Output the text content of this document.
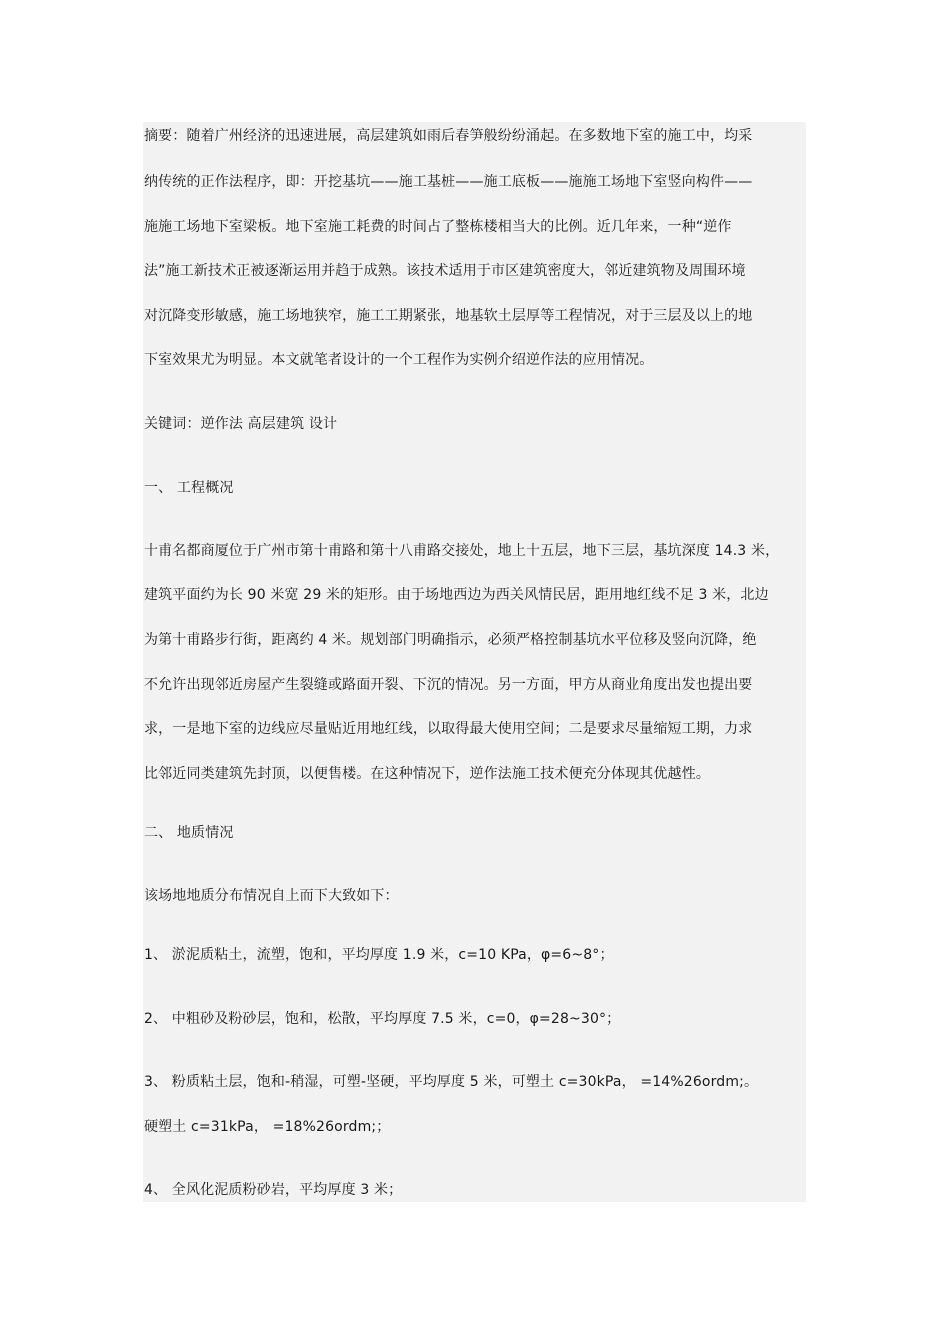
摘要：随着广州经济的迅速进展，高层建筑如雨后春笋般纷纷涌起。在多数地下室的施工中，均采
纳传统的正作法程序，即：开挖基坑——施工基桩——施工底板——施施工场地下室竖向构件——
施施工场地下室梁板。地下室施工耗费的时间占了整栋楼相当大的比例。近几年来，一种“逆作
法”施工新技术正被逐渐运用并趋于成熟。该技术适用于市区建筑密度大，邻近建筑物及周围环境
对沉降变形敏感，施工场地狭窄，施工工期紧张，地基软土层厚等工程情况，对于三层及以上的地
下室效果尤为明显。本文就笔者设计的一个工程作为实例介绍逆作法的应用情况。
关键词：逆作法 高层建筑 设计
一、 工程概况
十甫名都商厦位于广州市第十甫路和第十八甫路交接处，地上十五层，地下三层，基坑深度 14.3 米，
建筑平面约为长 90 米宽 29 米的矩形。由于场地西边为西关风情民居，距用地红线不足 3 米，北边
为第十甫路步行街，距离约 4 米。规划部门明确指示，必须严格控制基坑水平位移及竖向沉降，绝
不允许出现邻近房屋产生裂缝或路面开裂、下沉的情况。另一方面，甲方从商业角度出发也提出要
求，一是地下室的边线应尽量贴近用地红线，以取得最大使用空间；二是要求尽量缩短工期，力求
比邻近同类建筑先封顶，以便售楼。在这种情况下，逆作法施工技术便充分体现其优越性。
二、 地质情况
该场地地质分布情况自上而下大致如下：
1、 淤泥质粘土，流塑，饱和，平均厚度 1.9 米，c=10 KPa，φ=6~8°；
2、 中粗砂及粉砂层，饱和，松散，平均厚度 7.5 米，c=0，φ=28~30°；
3、 粉质粘土层，饱和-稍湿，可塑-坚硬，平均厚度 5 米，可塑土 c=30kPa， =14%26ordm;。
硬塑土 c=31kPa， =18%26ordm;；
4、 全风化泥质粉砂岩，平均厚度 3 米；
